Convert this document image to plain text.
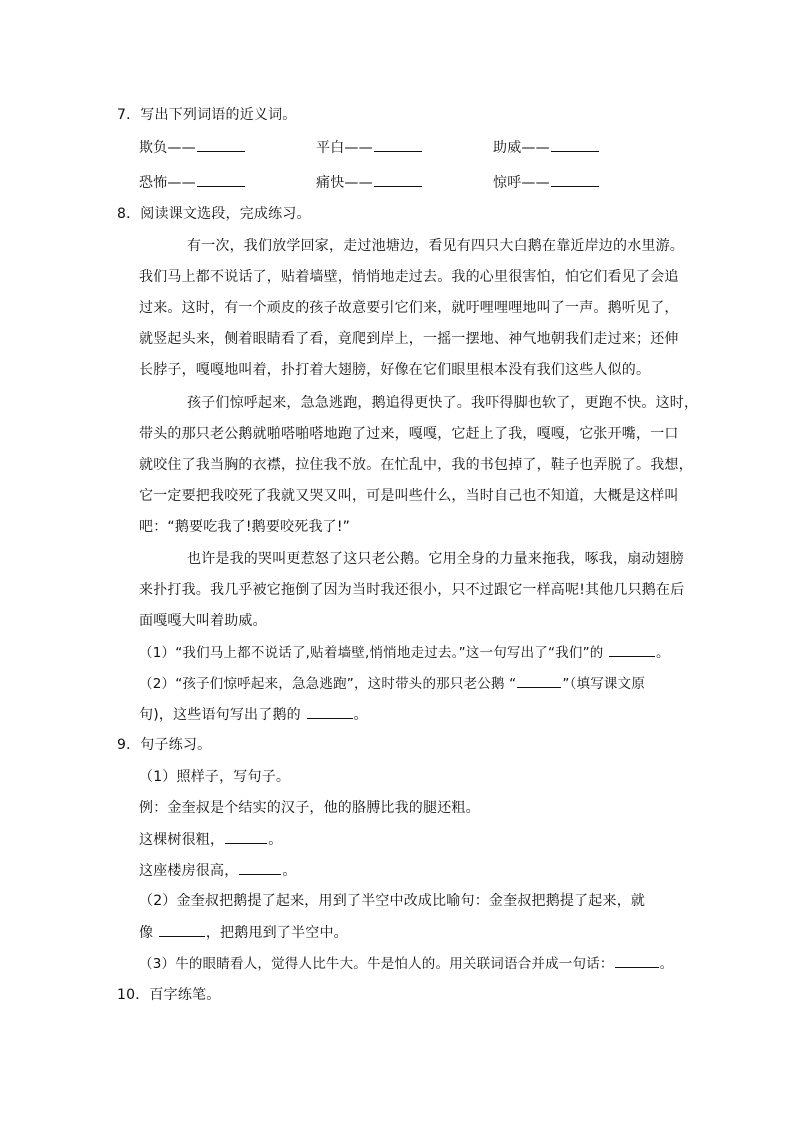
7．写出下列词语的近义词。
欺负——	平白——	助威——
恐怖——	痛快——	惊呼——
8．阅读课文选段，完成练习。
有一次，我们放学回家，走过池塘边，看见有四只大白鹅在靠近岸边的水里游。
我们马上都不说话了，贴着墙壁，悄悄地走过去。我的心里很害怕，怕它们看见了会追
过来。这时，有一个顽皮的孩子故意要引它们来，就吁哩哩哩地叫了一声。鹅听见了，
就竖起头来，侧着眼睛看了看，竟爬到岸上，一摇一摆地、神气地朝我们走过来；还伸
长脖子，嘎嘎地叫着，扑打着大翅膀，好像在它们眼里根本没有我们这些人似的。
孩子们惊呼起来，急急逃跑，鹅追得更快了。我吓得脚也软了，更跑不快。这时，
带头的那只老公鹅就啪嗒啪嗒地跑了过来，嘎嘎，它赶上了我，嘎嘎，它张开嘴，一口
就咬住了我当胸的衣襟，拉住我不放。在忙乱中，我的书包掉了，鞋子也弄脱了。我想，
它一定要把我咬死了我就又哭又叫，可是叫些什么，当时自己也不知道，大概是这样叫
吧：“鹅要吃我了!鹅要咬死我了!”
也许是我的哭叫更惹怒了这只老公鹅。它用全身的力量来拖我，啄我，扇动翅膀
来扑打我。我几乎被它拖倒了因为当时我还很小，只不过跟它一样高呢!其他几只鹅在后
面嘎嘎大叫着助威。
（1）“我们马上都不说话了,贴着墙壁,悄悄地走过去。”这一句写出了“我们”的	。
（2）“孩子们惊呼起来，急急逃跑”，这时带头的那只老公鹅 “	”（填写课文原
句)，这些语句写出了鹅的	。
9．句子练习。
（1）照样子，写句子。
例：金奎叔是个结实的汉子，他的胳膊比我的腿还粗。
这棵树很粗，	。
这座楼房很高，	。
（2）金奎叔把鹅提了起来，用到了半空中改成比喻句：金奎叔把鹅提了起来，就
像	，把鹅甩到了半空中。
（3）牛的眼睛看人，觉得人比牛大。牛是怕人的。用关联词语合并成一句话：	。
10．百字练笔。
